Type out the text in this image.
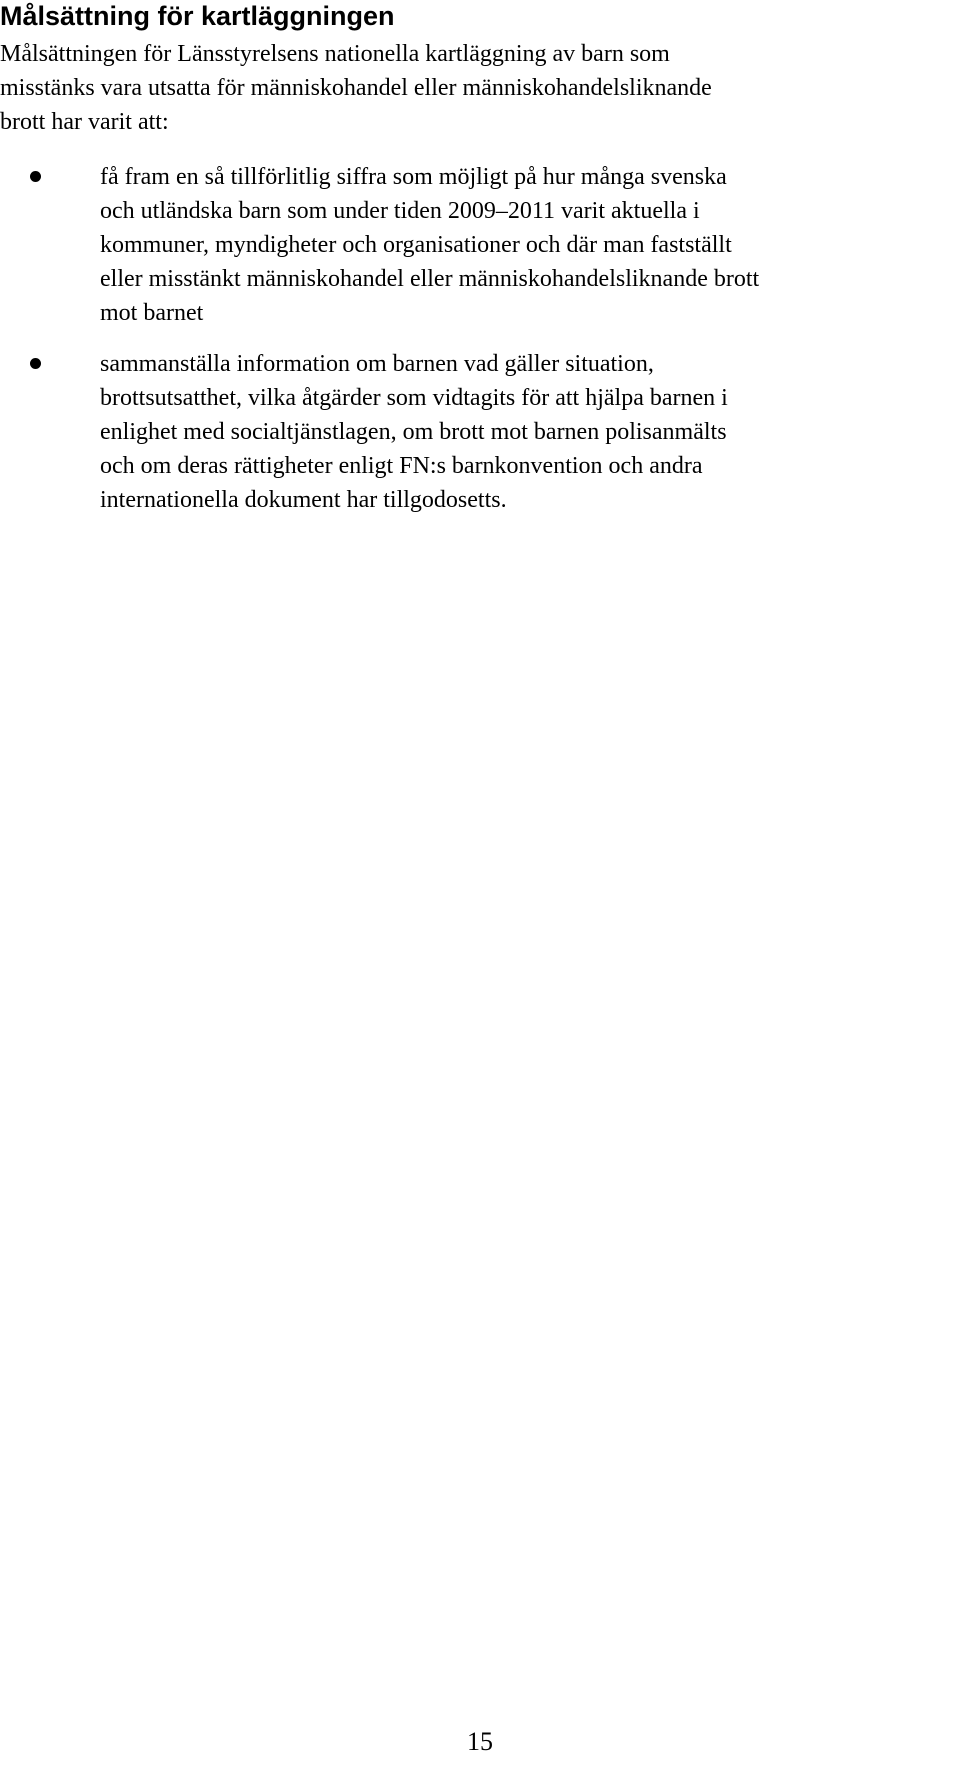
Målsättning för kartläggningen

Målsättningen för Länsstyrelsens nationella kartläggning av barn som
misstänks vara utsatta för människohandel eller människohandelsliknande
brott har varit att:

få fram en så tillförlitlig siffra som möjligt på hur många svenska
och utländska barn som under tiden 2009–2011 varit aktuella i
kommuner, myndigheter och organisationer och där man fastställt
eller misstänkt människohandel eller människohandelsliknande brott
mot barnet
sammanställa information om barnen vad gäller situation,
brottsutsatthet, vilka åtgärder som vidtagits för att hjälpa barnen i
enlighet med socialtjänstlagen, om brott mot barnen polisanmälts
och om deras rättigheter enligt FN:s barnkonvention och andra
internationella dokument har tillgodosetts.
15
